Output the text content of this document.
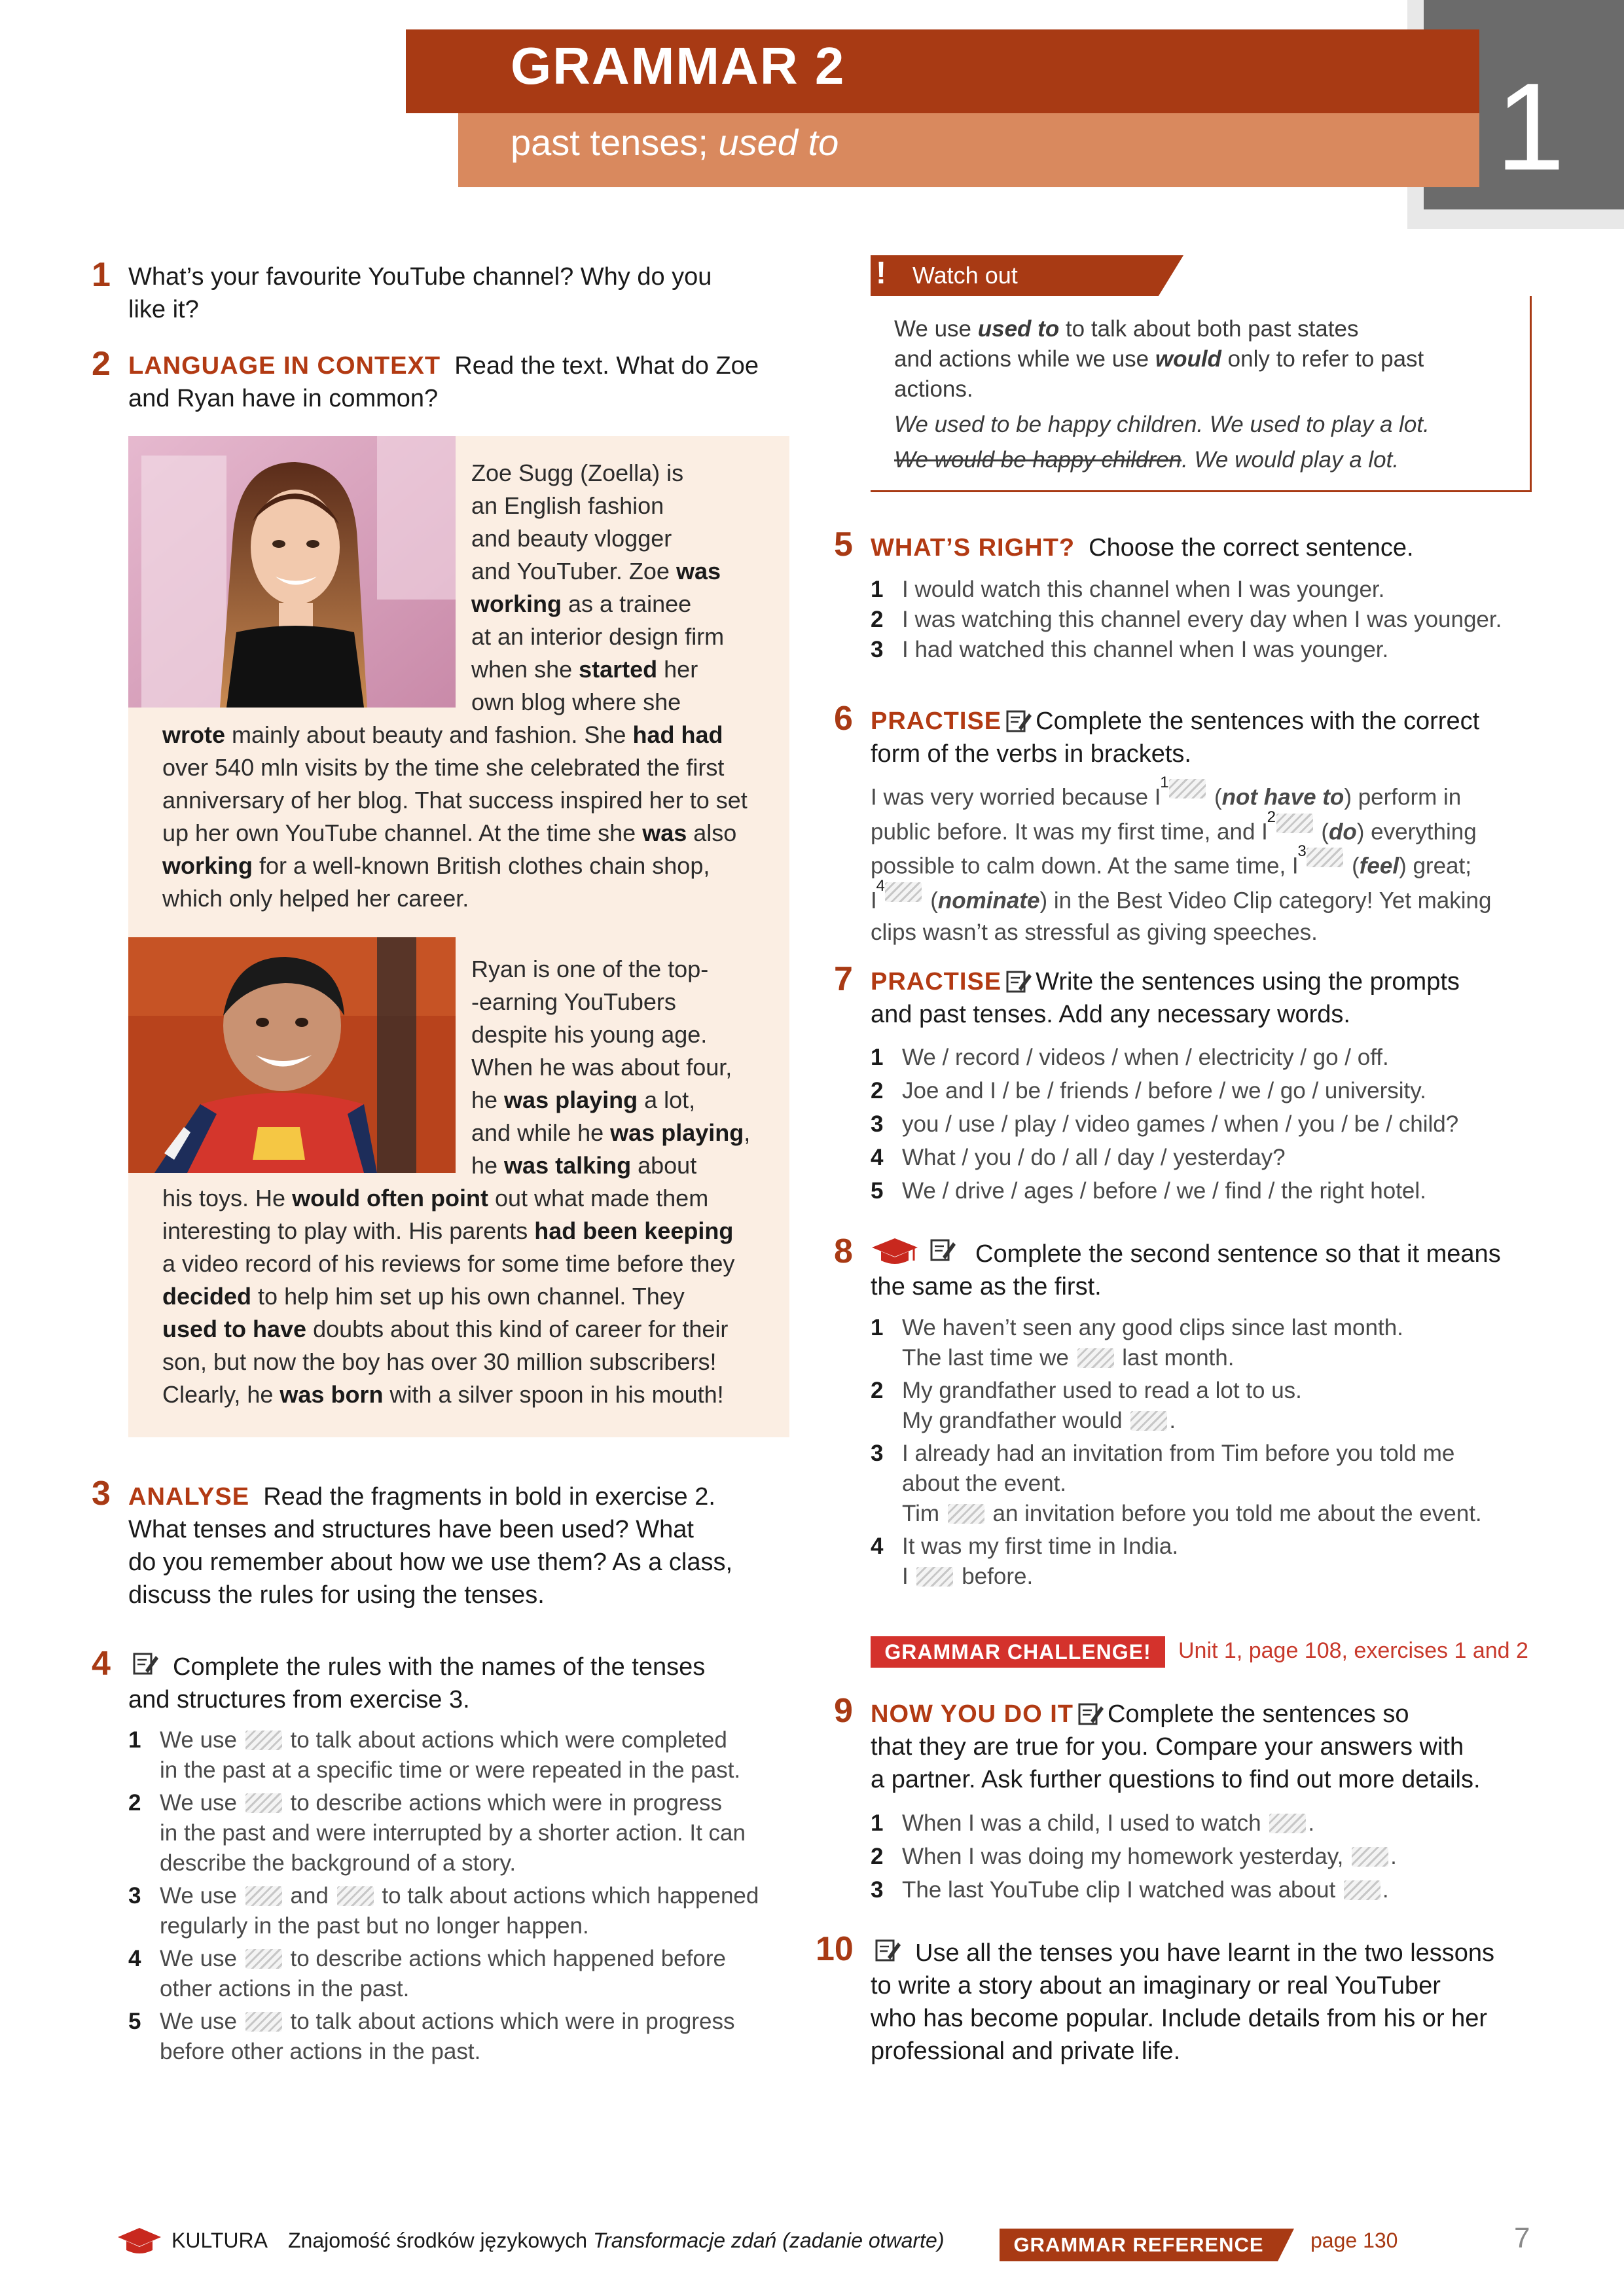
1
GRAMMAR 2
past tenses; used to
1 What’s your favourite YouTube channel? Why do you
like it?
2 LANGUAGE IN CONTEXT Read the text. What do Zoe
and Ryan have in common?
Zoe Sugg (Zoella) is
an English fashion
and beauty vlogger
and YouTuber. Zoe was
working as a trainee
at an interior design firm
when she started her
own blog where she
wrote mainly about beauty and fashion. She had had
over 540 mln visits by the time she celebrated the first
anniversary of her blog. That success inspired her to set
up her own YouTube channel. At the time she was also
working for a well-known British clothes chain shop,
which only helped her career.
Ryan is one of the top-
-earning YouTubers
despite his young age.
When he was about four,
he was playing a lot,
and while he was playing,
he was talking about
his toys. He would often point out what made them
interesting to play with. His parents had been keeping
a video record of his reviews for some time before they
decided to help him set up his own channel. They
used to have doubts about this kind of career for their
son, but now the boy has over 30 million subscribers!
Clearly, he was born with a silver spoon in his mouth!
3 ANALYSE Read the fragments in bold in exercise 2.
What tenses and structures have been used? What
do you remember about how we use them? As a class,
discuss the rules for using the tenses.
4	Complete the rules with the names of the tenses
and structures from exercise 3.
1 We use to talk about actions which were completed
in the past at a specific time or were repeated in the past.
2 We use to describe actions which were in progress
in the past and were interrupted by a shorter action. It can
describe the background of a story.
3 We use and to talk about actions which happened
regularly in the past but no longer happen.
4 We use to describe actions which happened before
other actions in the past.
5 We use to talk about actions which were in progress
before other actions in the past.
! Watch out
We use used to to talk about both past states
and actions while we use would only to refer to past
actions.
We used to be happy children. We used to play a lot.
We would be happy children. We would play a lot.
5 WHAT’S RIGHT? Choose the correct sentence.
1 I would watch this channel when I was younger.
2 I was watching this channel every day when I was younger.
3 I had watched this channel when I was younger.
6 PRACTISE Complete the sentences with the correct
form of the verbs in brackets.
I was very worried because I $^1$ (not have to) perform in
public before. It was my first time, and I $^2$ (do) everything
possible to calm down. At the same time, I $^3$ (feel) great;
I $^4$ (nominate) in the Best Video Clip category! Yet making
clips wasn’t as stressful as giving speeches.
7 PRACTISE Write the sentences using the prompts
and past tenses. Add any necessary words.
1 We / record / videos / when / electricity / go / off.
2 Joe and I / be / friends / before / we / go / university.
3 you / use / play / video games / when / you / be / child?
4 What / you / do / all / day / yesterday?
5 We / drive / ages / before / we / find / the right hotel.
8	Complete the second sentence so that it means
the same as the first.
1 We haven’t seen any good clips since last month.
The last time we last month.
2 My grandfather used to read a lot to us.
My grandfather would .
3 I already had an invitation from Tim before you told me
about the event.
Tim an invitation before you told me about the event.
4 It was my first time in India.
I before.
GRAMMAR CHALLENGE!	Unit 1, page 108, exercises 1 and 2
9 NOW YOU DO IT Complete the sentences so
that they are true for you. Compare your answers with
a partner. Ask further questions to find out more details.
1 When I was a child, I used to watch .
2 When I was doing my homework yesterday, .
3 The last YouTube clip I watched was about .
10	Use all the tenses you have learnt in the two lessons
to write a story about an imaginary or real YouTuber
who has become popular. Include details from his or her
professional and private life.
KULTURA Znajomość środków językowych Transformacje zdań (zadanie otwarte)	GRAMMAR REFERENCE	page 130	7
